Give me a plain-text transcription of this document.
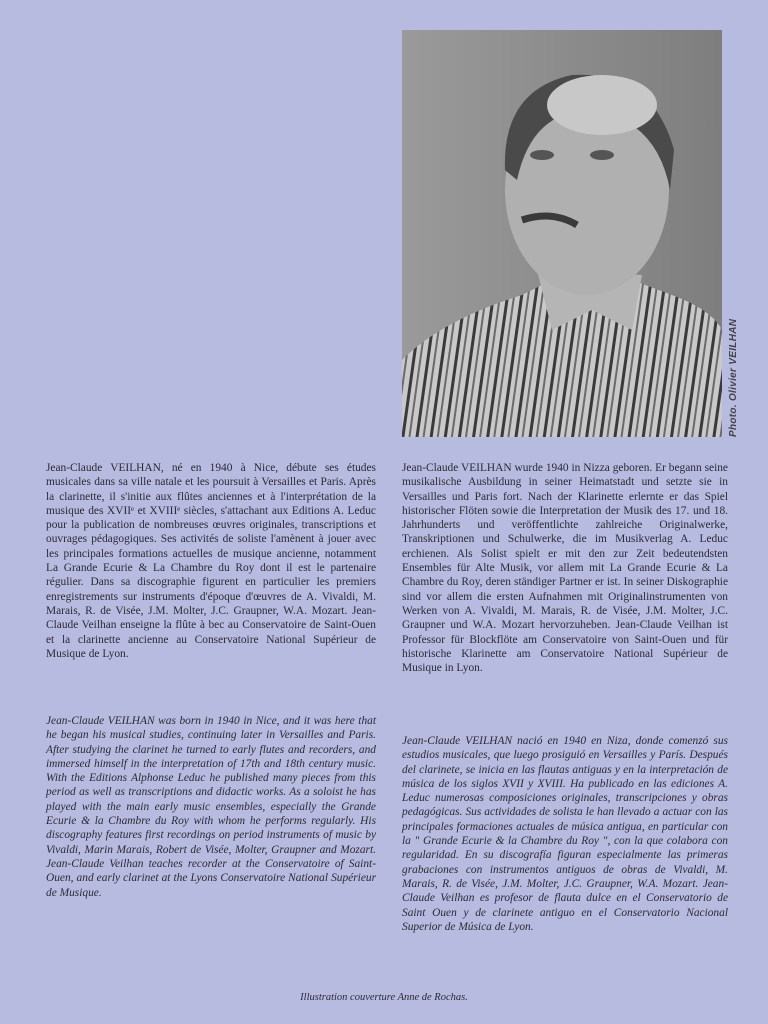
Photo. Olivier VEILHAN

Jean-Claude VEILHAN, né en 1940 à Nice, débute ses études musicales dans sa ville natale et les poursuit à Versailles et Paris. Après la clarinette, il s'initie aux flûtes anciennes et à l'interprétation de la musique des XVIIᵉ et XVIIIᵉ siècles, s'attachant aux Editions A. Leduc pour la publication de nombreuses œuvres originales, transcriptions et ouvrages pédagogiques. Ses activités de soliste l'amènent à jouer avec les principales formations actuelles de musique ancienne, notamment La Grande Ecurie & La Chambre du Roy dont il est le partenaire régulier. Dans sa discographie figurent en particulier les premiers enregistrements sur instruments d'époque d'œuvres de A. Vivaldi, M. Marais, R. de Visée, J.M. Molter, J.C. Graupner, W.A. Mozart. Jean-Claude Veilhan enseigne la flûte à bec au Conservatoire de Saint-Ouen et la clarinette ancienne au Conservatoire National Supérieur de Musique de Lyon.

Jean-Claude VEILHAN wurde 1940 in Nizza geboren. Er begann seine musikalische Ausbildung in seiner Heimatstadt und setzte sie in Versailles und Paris fort. Nach der Klarinette erlernte er das Spiel historischer Flöten sowie die Interpretation der Musik des 17. und 18. Jahrhunderts und veröffentlichte zahlreiche Originalwerke, Transkriptionen und Schulwerke, die im Musikverlag A. Leduc erchienen. Als Solist spielt er mit den zur Zeit bedeutendsten Ensembles für Alte Musik, vor allem mit La Grande Ecurie & La Chambre du Roy, deren ständiger Partner er ist. In seiner Diskographie sind vor allem die ersten Aufnahmen mit Originalinstrumenten von Werken von A. Vivaldi, M. Marais, R. de Visée, J.M. Molter, J.C. Graupner und W.A. Mozart hervorzuheben. Jean-Claude Veilhan ist Professor für Blockflöte am Conservatoire von Saint-Ouen und für historische Klarinette am Conservatoire National Supérieur de Musique in Lyon.

Jean-Claude VEILHAN was born in 1940 in Nice, and it was here that he began his musical studies, continuing later in Versailles and Paris. After studying the clarinet he turned to early flutes and recorders, and immersed himself in the interpretation of 17th and 18th century music. With the Editions Alphonse Leduc he published many pieces from this period as well as transcriptions and didactic works. As a soloist he has played with the main early music ensembles, especially the Grande Ecurie & la Chambre du Roy with whom he performs regularly. His discography features first recordings on period instruments of music by Vivaldi, Marin Marais, Robert de Visée, Molter, Graupner and Mozart. Jean-Claude Veilhan teaches recorder at the Conservatoire of Saint-Ouen, and early clarinet at the Lyons Conservatoire National Supérieur de Musique.

Jean-Claude VEILHAN nació en 1940 en Niza, donde comenzó sus estudios musicales, que luego prosiguió en Versailles y París. Después del clarinete, se inicia en las flautas antiguas y en la interpretación de música de los siglos XVII y XVIII. Ha publicado en las ediciones A. Leduc numerosas composiciones originales, transcripciones y obras pedagógicas. Sus actividades de solista le han llevado a actuar con las principales formaciones actuales de música antigua, en particular con la " Grande Ecurie & la Chambre du Roy ", con la que colabora con regularidad. En su discografía figuran especialmente las primeras grabaciones con instrumentos antiguos de obras de Vivaldi, M. Marais, R. de Visée, J.M. Molter, J.C. Graupner, W.A. Mozart. Jean-Claude Veilhan es profesor de flauta dulce en el Conservatorio de Saint Ouen y de clarinete antiguo en el Conservatorio Nacional Superior de Música de Lyon.

Illustration couverture Anne de Rochas.
